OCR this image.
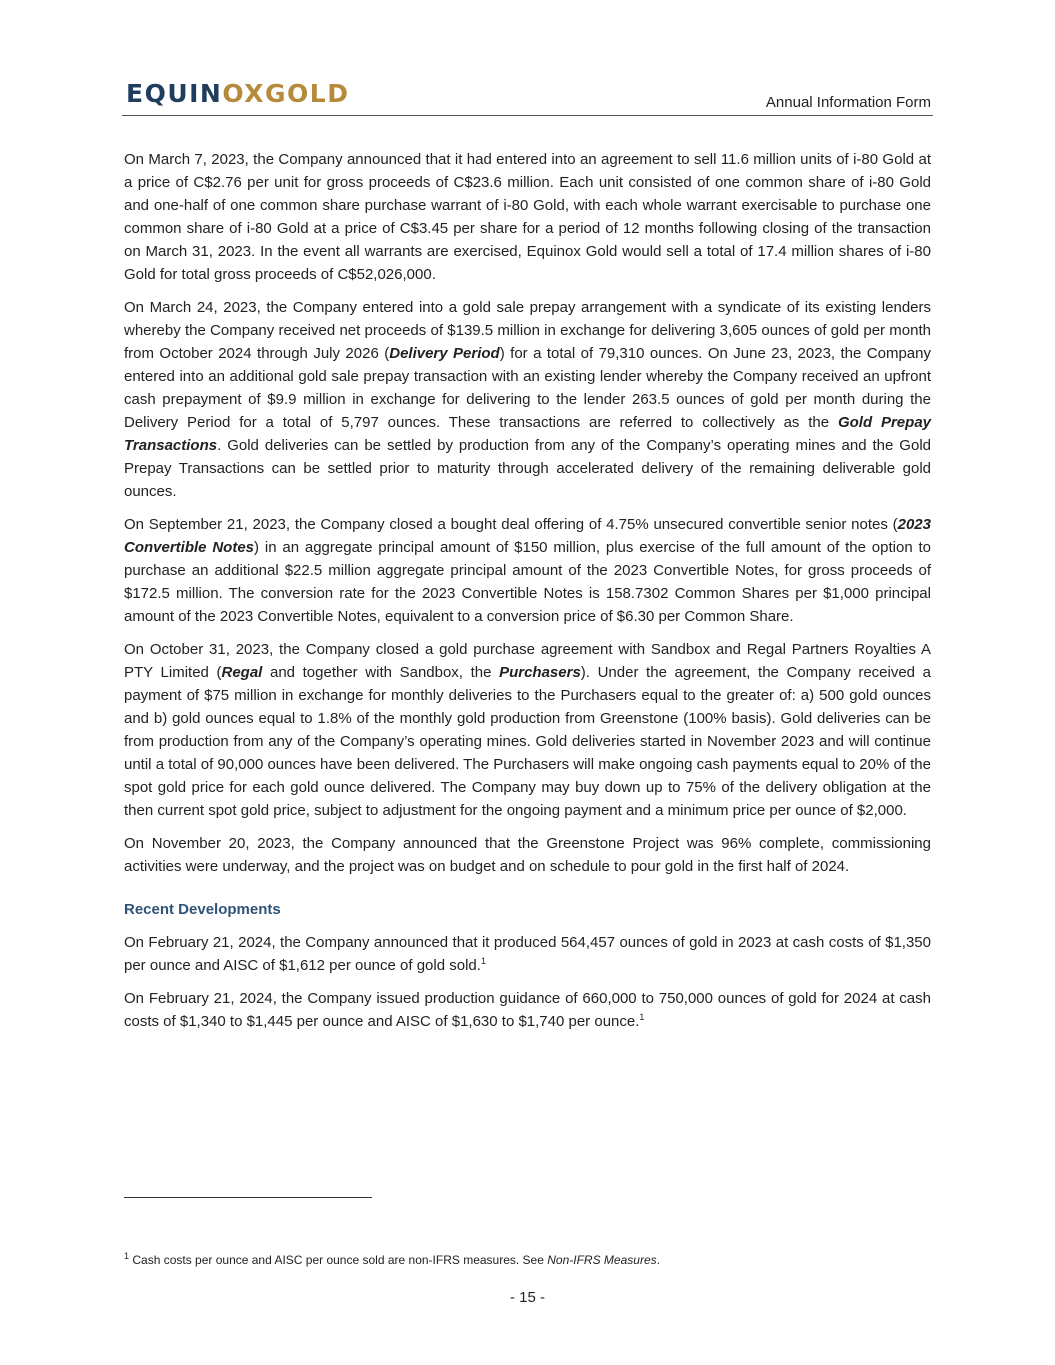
EQUINOXGOLD	Annual Information Form

On March 7, 2023, the Company announced that it had entered into an agreement to sell 11.6 million units of i-80 Gold at a price of C$2.76 per unit for gross proceeds of C$23.6 million. Each unit consisted of one common share of i-80 Gold and one-half of one common share purchase warrant of i-80 Gold, with each whole warrant exercisable to purchase one common share of i-80 Gold at a price of C$3.45 per share for a period of 12 months following closing of the transaction on March 31, 2023. In the event all warrants are exercised, Equinox Gold would sell a total of 17.4 million shares of i-80 Gold for total gross proceeds of C$52,026,000.

On March 24, 2023, the Company entered into a gold sale prepay arrangement with a syndicate of its existing lenders whereby the Company received net proceeds of $139.5 million in exchange for delivering 3,605 ounces of gold per month from October 2024 through July 2026 (Delivery Period) for a total of 79,310 ounces. On June 23, 2023, the Company entered into an additional gold sale prepay transaction with an existing lender whereby the Company received an upfront cash prepayment of $9.9 million in exchange for delivering to the lender 263.5 ounces of gold per month during the Delivery Period for a total of 5,797 ounces. These transactions are referred to collectively as the Gold Prepay Transactions. Gold deliveries can be settled by production from any of the Company’s operating mines and the Gold Prepay Transactions can be settled prior to maturity through accelerated delivery of the remaining deliverable gold ounces.

On September 21, 2023, the Company closed a bought deal offering of 4.75% unsecured convertible senior notes (2023 Convertible Notes) in an aggregate principal amount of $150 million, plus exercise of the full amount of the option to purchase an additional $22.5 million aggregate principal amount of the 2023 Convertible Notes, for gross proceeds of $172.5 million. The conversion rate for the 2023 Convertible Notes is 158.7302 Common Shares per $1,000 principal amount of the 2023 Convertible Notes, equivalent to a conversion price of $6.30 per Common Share.

On October 31, 2023, the Company closed a gold purchase agreement with Sandbox and Regal Partners Royalties A PTY Limited (Regal and together with Sandbox, the Purchasers). Under the agreement, the Company received a payment of $75 million in exchange for monthly deliveries to the Purchasers equal to the greater of: a) 500 gold ounces and b) gold ounces equal to 1.8% of the monthly gold production from Greenstone (100% basis). Gold deliveries can be from production from any of the Company’s operating mines. Gold deliveries started in November 2023 and will continue until a total of 90,000 ounces have been delivered. The Purchasers will make ongoing cash payments equal to 20% of the spot gold price for each gold ounce delivered. The Company may buy down up to 75% of the delivery obligation at the then current spot gold price, subject to adjustment for the ongoing payment and a minimum price per ounce of $2,000.

On November 20, 2023, the Company announced that the Greenstone Project was 96% complete, commissioning activities were underway, and the project was on budget and on schedule to pour gold in the first half of 2024.

Recent Developments

On February 21, 2024, the Company announced that it produced 564,457 ounces of gold in 2023 at cash costs of $1,350 per ounce and AISC of $1,612 per ounce of gold sold.$^1$

On February 21, 2024, the Company issued production guidance of 660,000 to 750,000 ounces of gold for 2024 at cash costs of $1,340 to $1,445 per ounce and AISC of $1,630 to $1,740 per ounce.$^1$

$^1$ Cash costs per ounce and AISC per ounce sold are non-IFRS measures. See Non-IFRS Measures.
- 15 -
